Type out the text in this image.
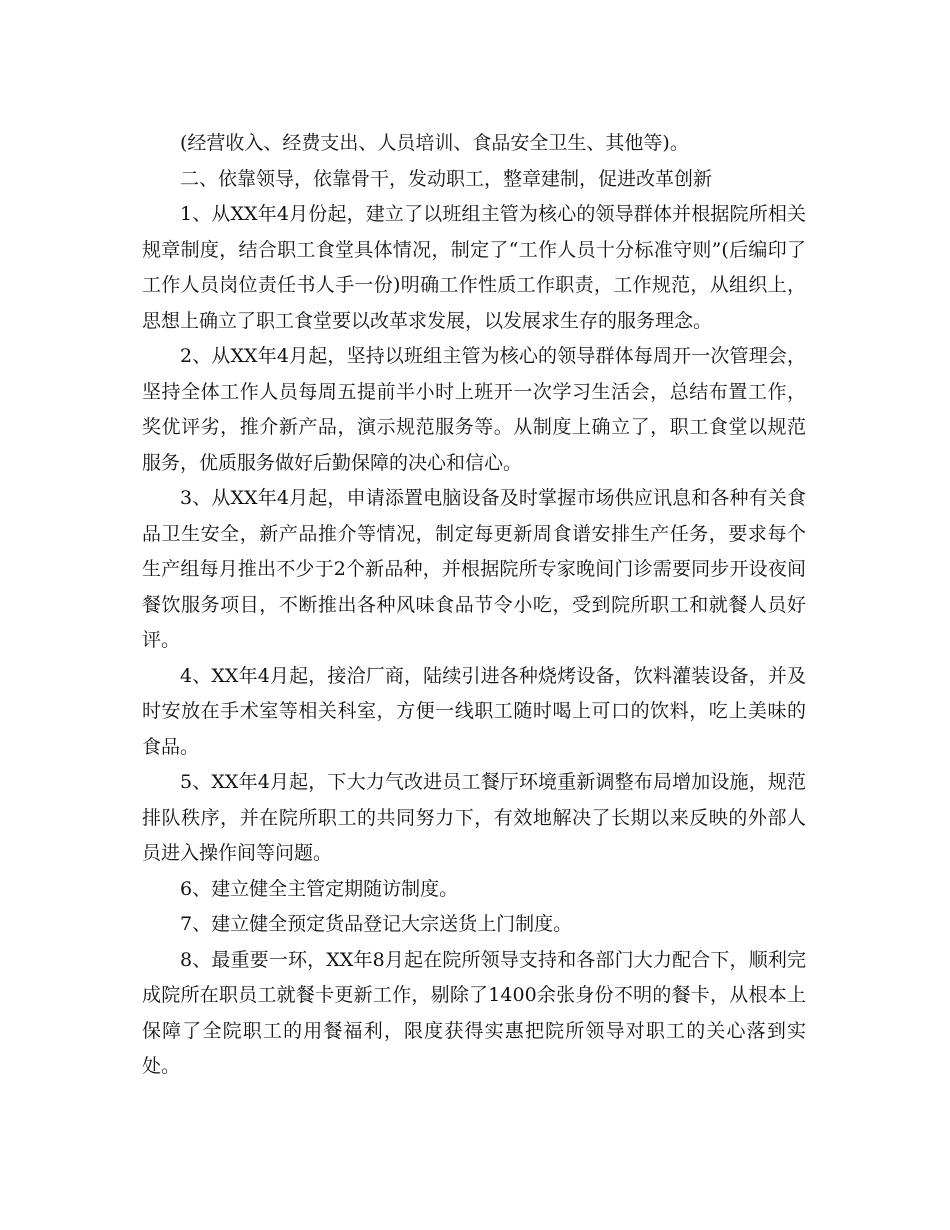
(经营收入、经费支出、人员培训、食品安全卫生、其他等)。

二、依靠领导，依靠骨干，发动职工，整章建制，促进改革创新

1、从XX年4月份起，建立了以班组主管为核心的领导群体并根据院所相关规章制度，结合职工食堂具体情况，制定了“工作人员十分标准守则”(后编印了工作人员岗位责任书人手一份)明确工作性质工作职责，工作规范，从组织上，思想上确立了职工食堂要以改革求发展，以发展求生存的服务理念。

2、从XX年4月起，坚持以班组主管为核心的领导群体每周开一次管理会，坚持全体工作人员每周五提前半小时上班开一次学习生活会，总结布置工作，奖优评劣，推介新产品，演示规范服务等。从制度上确立了，职工食堂以规范服务，优质服务做好后勤保障的决心和信心。

3、从XX年4月起，申请添置电脑设备及时掌握市场供应讯息和各种有关食品卫生安全，新产品推介等情况，制定每更新周食谱安排生产任务，要求每个生产组每月推出不少于2个新品种，并根据院所专家晚间门诊需要同步开设夜间餐饮服务项目，不断推出各种风味食品节令小吃，受到院所职工和就餐人员好评。

4、XX年4月起，接洽厂商，陆续引进各种烧烤设备，饮料灌装设备，并及时安放在手术室等相关科室，方便一线职工随时喝上可口的饮料，吃上美味的食品。

5、XX年4月起，下大力气改进员工餐厅环境重新调整布局增加设施，规范排队秩序，并在院所职工的共同努力下，有效地解决了长期以来反映的外部人员进入操作间等问题。

6、建立健全主管定期随访制度。

7、建立健全预定货品登记大宗送货上门制度。

8、最重要一环，XX年8月起在院所领导支持和各部门大力配合下，顺利完成院所在职员工就餐卡更新工作，剔除了1400余张身份不明的餐卡，从根本上保障了全院职工的用餐福利，限度获得实惠把院所领导对职工的关心落到实处。
